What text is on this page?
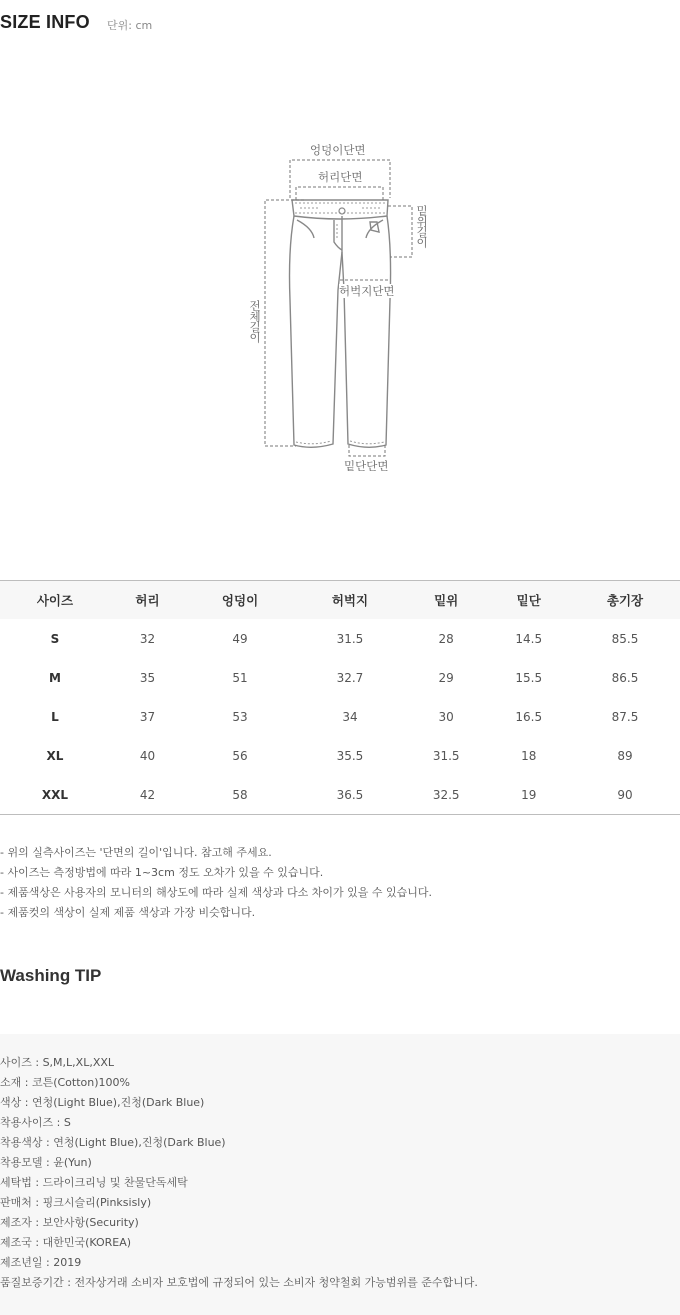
SIZE INFO 단위: cm
엉덩이단면
허리단면
밑위길이
허벅지단면
전체길이
밑단단면
사이즈	허리	엉덩이	허벅지	밑위	밑단	총기장
S	32	49	31.5	28	14.5	85.5
M	35	51	32.7	29	15.5	86.5
L	37	53	34	30	16.5	87.5
XL	40	56	35.5	31.5	18	89
XXL	42	58	36.5	32.5	19	90
- 위의 실측사이즈는 '단면의 길이'입니다. 참고해 주세요.
- 사이즈는 측정방법에 따라 1~3cm 정도 오차가 있을 수 있습니다.
- 제품색상은 사용자의 모니터의 해상도에 따라 실제 색상과 다소 차이가 있을 수 있습니다.
- 제품컷의 색상이 실제 제품 색상과 가장 비슷합니다.
Washing TIP
사이즈 : S,M,L,XL,XXL
소재 : 코튼(Cotton)100%
색상 : 연청(Light Blue),진청(Dark Blue)
착용사이즈 : S
착용색상 : 연청(Light Blue),진청(Dark Blue)
착용모델 : 윤(Yun)
세탁법 : 드라이크리닝 및 찬물단독세탁
판매처 : 핑크시슬리(Pinksisly)
제조자 : 보안사항(Security)
제조국 : 대한민국(KOREA)
제조년일 : 2019
품질보증기간 : 전자상거래 소비자 보호법에 규정되어 있는 소비자 청약철회 가능범위를 준수합니다.
